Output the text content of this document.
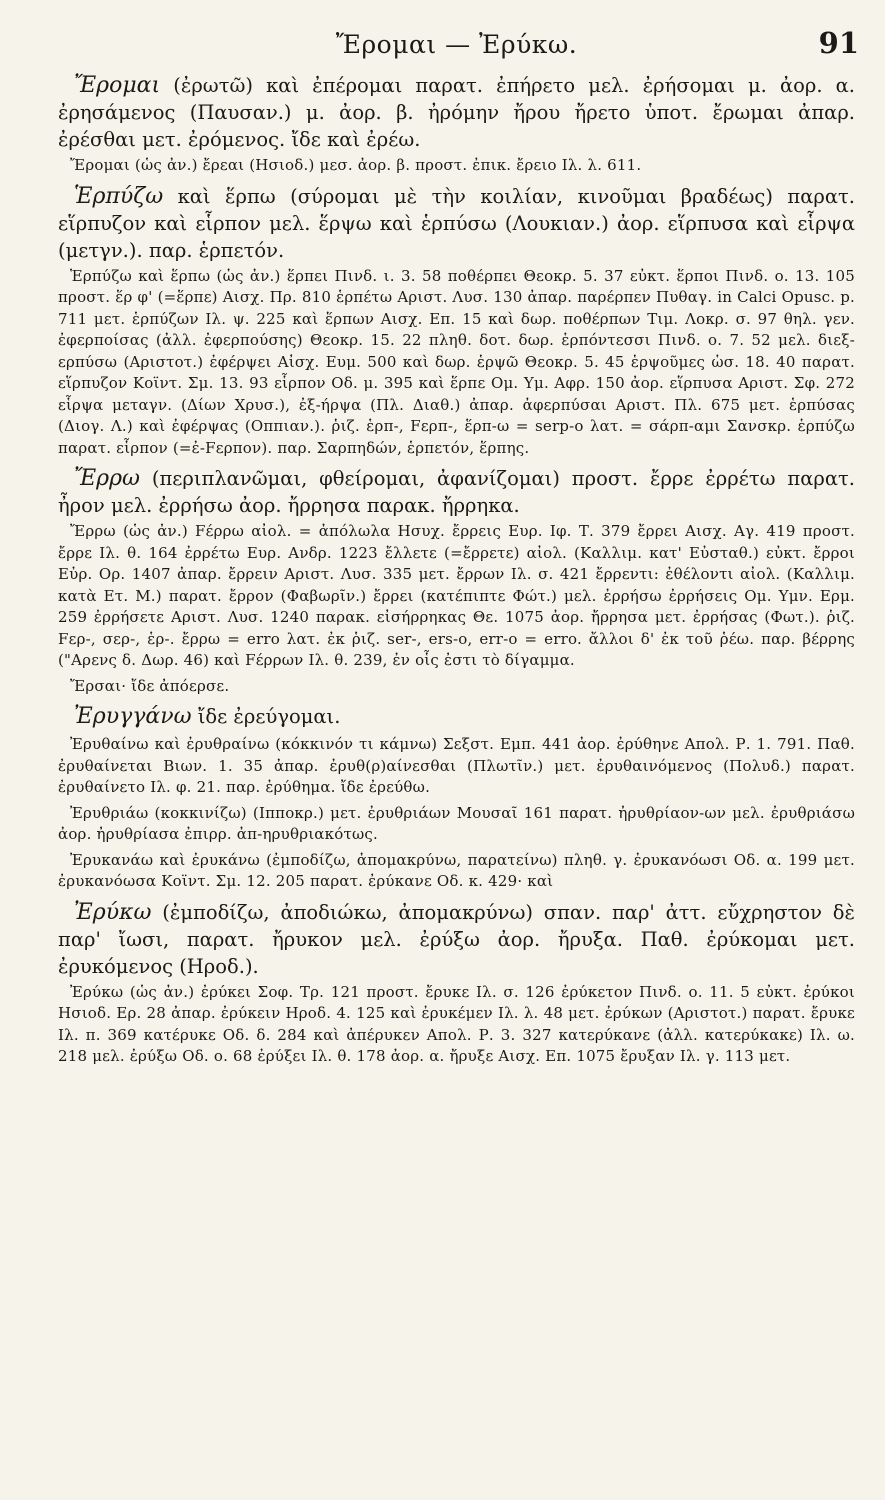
Ἔρομαι — Ἐρύκω.	91

Ἔρομαι (ἐρωτῶ) καὶ ἐπέρομαι παρατ. ἐπήρετο μελ. ἐρήσομαι μ. ἀορ. α. ἐρησάμενος (Παυσαν.) μ. ἀορ. β. ἠρόμην ἤρου ἤρετο ὑποτ. ἔρωμαι ἀπαρ. ἐρέσθαι μετ. ἐρόμενος. ἴδε καὶ ἐρέω.

Ἔρομαι (ὡς ἀν.) ἔρεαι (Ησιοδ.) μεσ. ἀορ. β. προστ. ἐπικ. ἔρειο Ιλ. λ. 611.

Ἑρπύζω καὶ ἕρπω (σύρομαι μὲ τὴν κοιλίαν, κινοῦμαι βραδέως) παρατ. εἵρπυζον καὶ εἷρπον μελ. ἕρψω καὶ ἑρπύσω (Λουκιαν.) ἀορ. εἵρπυσα καὶ εἷρψα (μετγν.). παρ. ἑρπετόν.

Ἑρπύζω καὶ ἕρπω (ὡς ἀν.) ἕρπει Πινδ. ι. 3. 58 ποθέρπει Θεοκρ. 5. 37 εὐκτ. ἕρποι Πινδ. ο. 13. 105 προστ. ἕρ φ' (=ἕρπε) Αισχ. Πρ. 810 ἑρπέτω Αριστ. Λυσ. 130 ἀπαρ. παρέρπεν Πυθαγ. in Calci Opusc. p. 711 μετ. ἑρπύζων Ιλ. ψ. 225 καὶ ἕρπων Αισχ. Επ. 15 καὶ δωρ. ποθέρπων Τιμ. Λοκρ. σ. 97 θηλ. γεν. ἐφερποίσας (ἀλλ. ἐφερπούσης) Θεοκρ. 15. 22 πληθ. δοτ. δωρ. ἑρπόντεσσι Πινδ. ο. 7. 52 μελ. διεξ-ερπύσω (Αριστοτ.) ἐφέρψει Αἰσχ. Ευμ. 500 καὶ δωρ. ἑρψῶ Θεοκρ. 5. 45 ἑρψοῦμες ὡσ. 18. 40 παρατ. εἵρπυζον Κοϊντ. Σμ. 13. 93 εἷρπον Οδ. μ. 395 καὶ ἕρπε Ομ. Υμ. Αφρ. 150 ἀορ. εἵρπυσα Αριστ. Σφ. 272 εἷρψα μεταγν. (Δίων Χρυσ.), ἐξ-ήρψα (Πλ. Διαθ.) ἀπαρ. ἀφερπύσαι Αριστ. Πλ. 675 μετ. ἑρπύσας (Διογ. Λ.) καὶ ἐφέρψας (Οππιαν.). ῥιζ. ἑρπ-, Fερπ-, ἕρπ-ω = serp-o λατ. = σάρπ-αμι Σανσκρ. ἑρπύζω παρατ. εἷρπον (=ἐ-Fερπον). παρ. Σαρπηδών, ἑρπετόν, ἕρπης.

Ἔρρω (περιπλανῶμαι, φθείρομαι, ἀφανίζομαι) προστ. ἔρρε ἐρρέτω παρατ. ἦρον μελ. ἐρρήσω ἀορ. ἤρρησα παρακ. ἤρρηκα.

Ἔρρω (ὡς ἀν.) Fέρρω αἰολ. = ἀπόλωλα Ησυχ. ἔρρεις Ευρ. Ιφ. Τ. 379 ἔρρει Αισχ. Αγ. 419 προστ. ἔρρε Ιλ. θ. 164 ἐρρέτω Ευρ. Ανδρ. 1223 ἔλλετε (=ἔρρετε) αἰολ. (Καλλιμ. κατ' Εὐσταθ.) εὐκτ. ἔρροι Εὐρ. Ορ. 1407 ἀπαρ. ἔρρειν Αριστ. Λυσ. 335 μετ. ἔρρων Ιλ. σ. 421 ἔρρεντι: ἐθέλοντι αἰολ. (Καλλιμ. κατὰ Ετ. Μ.) παρατ. ἔρρον (Φαβωρῖν.) ἔρρει (κατέπιπτε Φώτ.) μελ. ἐρρήσω ἐρρήσεις Ομ. Υμν. Ερμ. 259 ἐρρήσετε Αριστ. Λυσ. 1240 παρακ. εἰσήρρηκας Θε. 1075 ἀορ. ἤρρησα μετ. ἐρρήσας (Φωτ.). ῥιζ. Fερ-, σερ-, ἑρ-. ἔρρω = erro λατ. ἐκ ῥιζ. ser-, ers-o, err-o = erro. ἄλλοι δ' ἐκ τοῦ ῥέω. παρ. βέρρης ("Αρενς δ. Δωρ. 46) καὶ Fέρρων Ιλ. θ. 239, ἐν οἷς ἐστι τὸ δίγαμμα.

Ἔρσαι· ἴδε ἀπόερσε.

Ἐρυγγάνω ἴδε ἐρεύγομαι.

Ἐρυθαίνω καὶ ἐρυθραίνω (κόκκινόν τι κάμνω) Σεξστ. Εμπ. 441 ἀορ. ἐρύθηνε Απολ. Ρ. 1. 791. Παθ. ἐρυθαίνεται Βιων. 1. 35 ἀπαρ. ἐρυθ(ρ)αίνεσθαι (Πλωτῖν.) μετ. ἐρυθαινόμενος (Πολυδ.) παρατ. ἐρυθαίνετο Ιλ. φ. 21. παρ. ἐρύθημα. ἴδε ἐρεύθω.

Ἐρυθριάω (κοκκινίζω) (Ιπποκρ.) μετ. ἐρυθριάων Μουσαῖ 161 παρατ. ἠρυθρίαον-ων μελ. ἐρυθριάσω ἀορ. ἠρυθρίασα ἐπιρρ. ἀπ-ηρυθριακότως.

Ἐρυκανάω καὶ ἐρυκάνω (ἐμποδίζω, ἀπομακρύνω, παρατείνω) πληθ. γ. ἐρυκανόωσι Οδ. α. 199 μετ. ἐρυκανόωσα Κοϊντ. Σμ. 12. 205 παρατ. ἐρύκανε Οδ. κ. 429· καὶ

Ἐρύκω (ἐμποδίζω, ἀποδιώκω, ἀπομακρύνω) σπαν. παρ' ἀττ. εὔχρηστον δὲ παρ' ἴωσι, παρατ. ἤρυκον μελ. ἐρύξω ἀορ. ἤρυξα. Παθ. ἐρύκομαι μετ. ἐρυκόμενος (Ηροδ.).

Ἐρύκω (ὡς ἀν.) ἐρύκει Σοφ. Τρ. 121 προστ. ἔρυκε Ιλ. σ. 126 ἐρύκετον Πινδ. ο. 11. 5 εὐκτ. ἐρύκοι Ησιοδ. Ερ. 28 ἀπαρ. ἐρύκειν Ηροδ. 4. 125 καὶ ἐρυκέμεν Ιλ. λ. 48 μετ. ἐρύκων (Αριστοτ.) παρατ. ἔρυκε Ιλ. π. 369 κατέρυκε Οδ. δ. 284 καὶ ἀπέρυκεν Απολ. Ρ. 3. 327 κατερύκανε (ἀλλ. κατερύκακε) Ιλ. ω. 218 μελ. ἐρύξω Οδ. ο. 68 ἐρύξει Ιλ. θ. 178 ἀορ. α. ἤρυξε Αισχ. Επ. 1075 ἔρυξαν Ιλ. γ. 113 μετ.
